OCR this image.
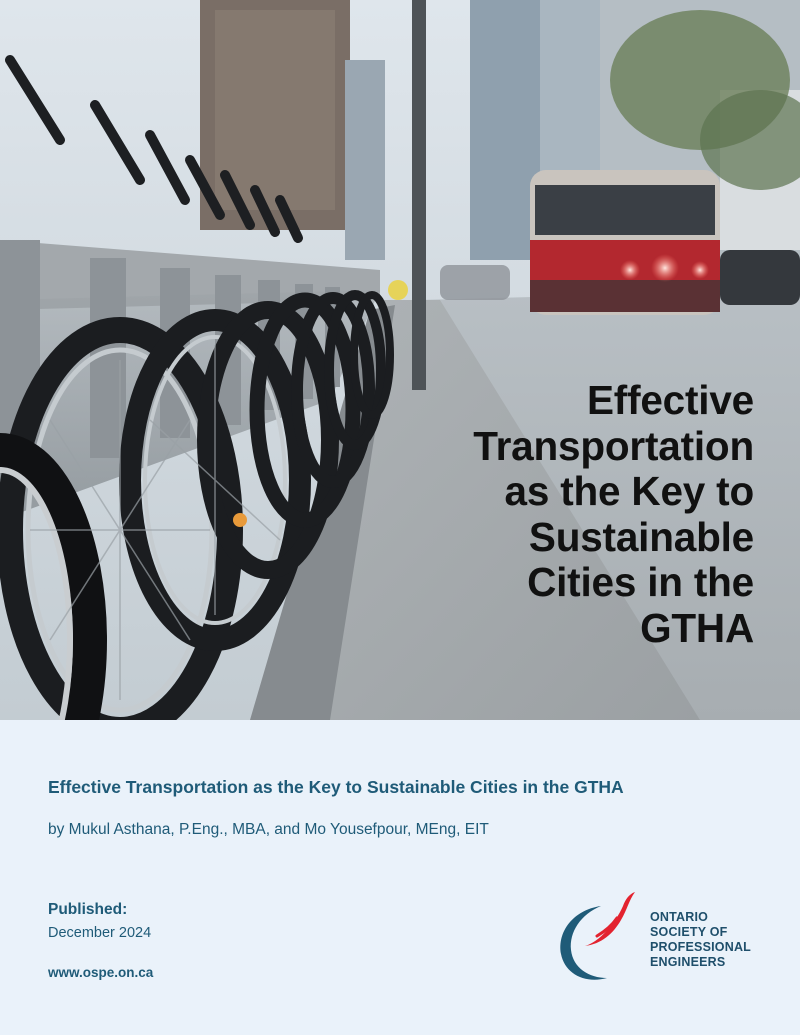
Effective
Transportation
as the Key to
Sustainable
Cities in the
GTHA
Effective Transportation as the Key to Sustainable Cities in the GTHA
by Mukul Asthana, P.Eng., MBA, and Mo Yousefpour, MEng, EIT
Published:
December 2024
www.ospe.on.ca
ONTARIO
SOCIETY OF
PROFESSIONAL
ENGINEERS
